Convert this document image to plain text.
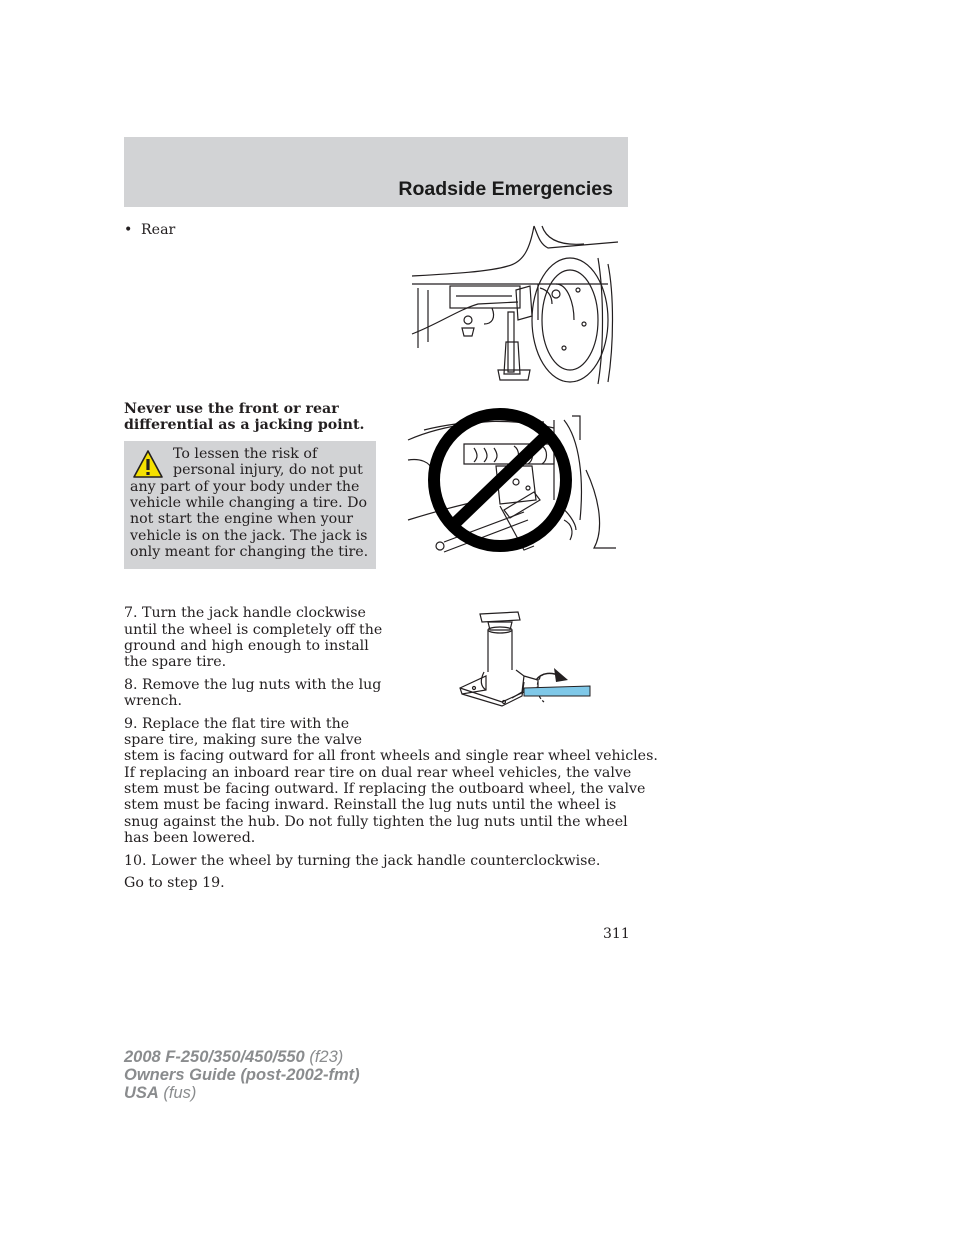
Roadside Emergencies

• Rear

Never use the front or rear

differential as a jacking point.

To lessen the risk of

personal injury, do not put

any part of your body under the

vehicle while changing a tire. Do

not start the engine when your

vehicle is on the jack. The jack is

only meant for changing the tire.

7. Turn the jack handle clockwise

until the wheel is completely off the

ground and high enough to install

the spare tire.

8. Remove the lug nuts with the lug

wrench.

9. Replace the flat tire with the

spare tire, making sure the valve

stem is facing outward for all front wheels and single rear wheel vehicles.

If replacing an inboard rear tire on dual rear wheel vehicles, the valve

stem must be facing outward. If replacing the outboard wheel, the valve

stem must be facing inward. Reinstall the lug nuts until the wheel is

snug against the hub. Do not fully tighten the lug nuts until the wheel

has been lowered.

10. Lower the wheel by turning the jack handle counterclockwise.

Go to step 19.

311
2008 F-250/350/450/550 (f23)
Owners Guide (post-2002-fmt)
USA (fus)
